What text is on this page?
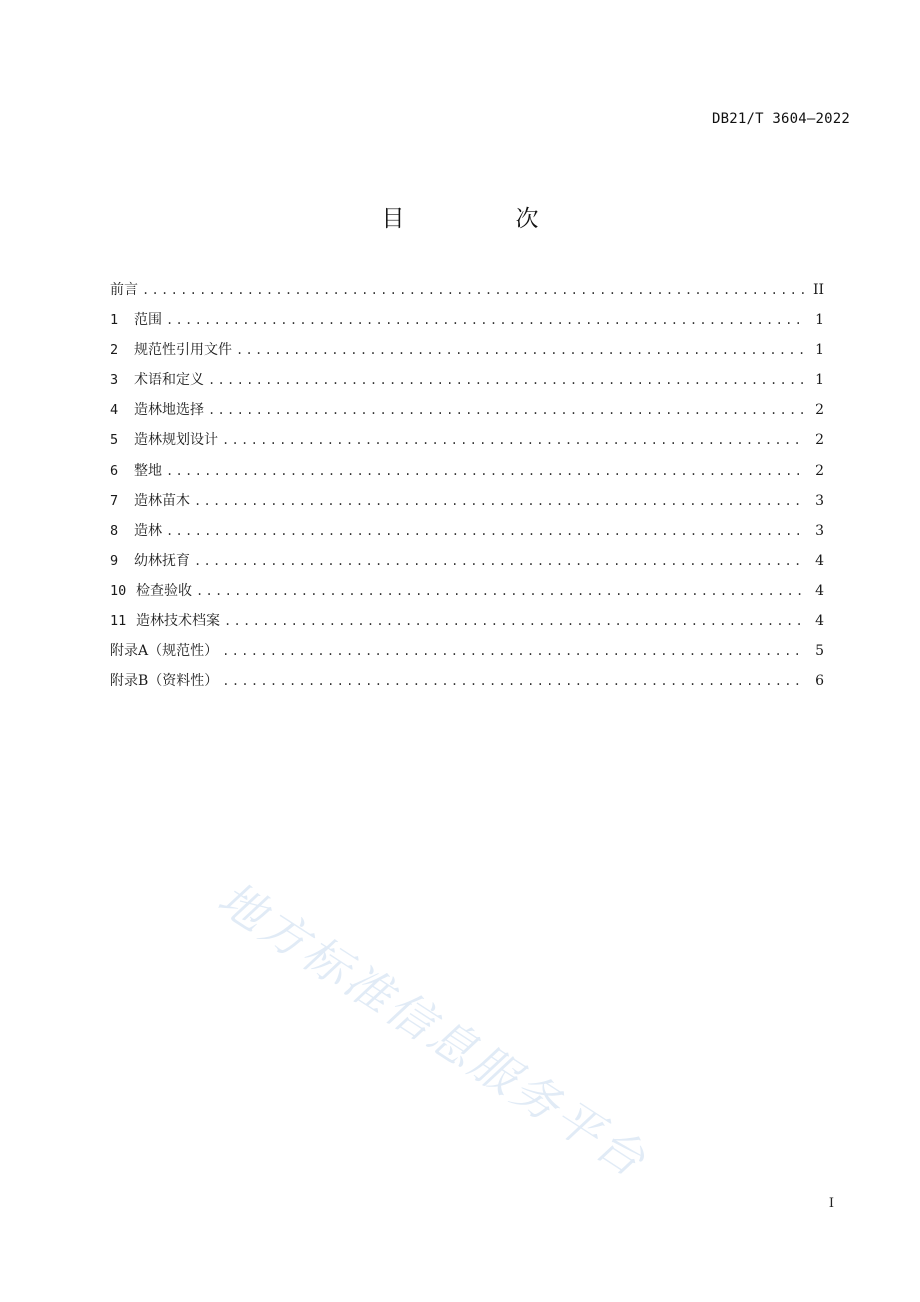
DB21/T 3604—2022
目　次
前言 .....	II
1	范围 .....	1
2	规范性引用文件 .....	1
3	术语和定义 .....	1
4	造林地选择 .....	2
5	造林规划设计 .....	2
6	整地 .....	2
7	造林苗木 .....	3
8	造林 .....	3
9	幼林抚育 .....	4
10 检查验收 .....	4
11 造林技术档案 .....	4
附录A（规范性） .....	5
附录B（资料性） .....	6
地方标准信息服务平台
I
